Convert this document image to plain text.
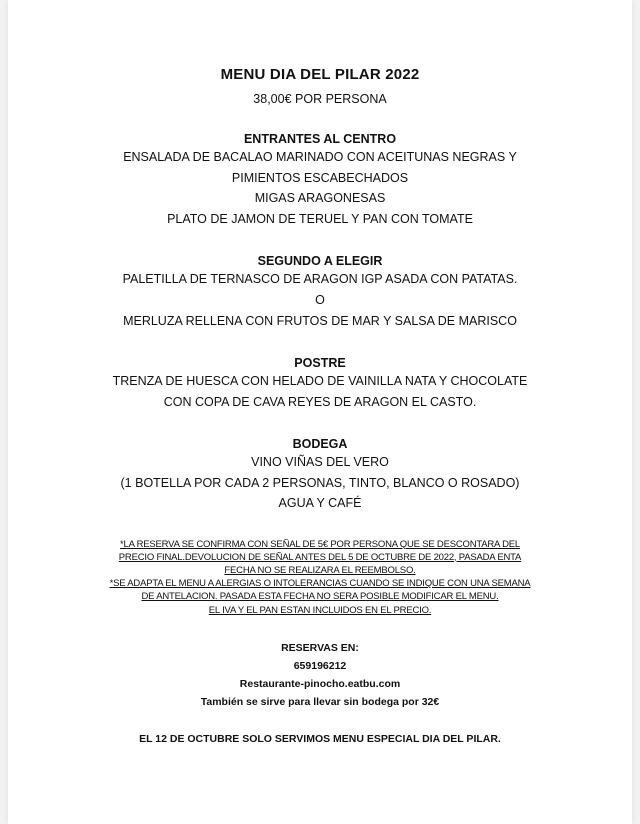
MENU DIA DEL PILAR 2022
38,00€ POR PERSONA
ENTRANTES AL CENTRO
ENSALADA DE BACALAO MARINADO CON ACEITUNAS NEGRAS Y
PIMIENTOS ESCABECHADOS
MIGAS ARAGONESAS
PLATO DE JAMON DE TERUEL Y PAN CON TOMATE
SEGUNDO A ELEGIR
PALETILLA DE TERNASCO DE ARAGON IGP ASADA CON PATATAS.
O
MERLUZA RELLENA CON FRUTOS DE MAR Y SALSA DE MARISCO
POSTRE
TRENZA DE HUESCA CON HELADO DE VAINILLA NATA Y CHOCOLATE
CON COPA DE CAVA REYES DE ARAGON EL CASTO.
BODEGA
VINO VIÑAS DEL VERO
(1 BOTELLA POR CADA 2 PERSONAS, TINTO, BLANCO O ROSADO)
AGUA Y CAFÉ
*LA RESERVA SE CONFIRMA CON SEÑAL DE 5€ POR PERSONA QUE SE DESCONTARA DEL
PRECIO FINAL.DEVOLUCION DE SEÑAL ANTES DEL 5 DE OCTUBRE DE 2022, PASADA ENTA
FECHA NO SE REALIZARA EL REEMBOLSO.
*SE ADAPTA EL MENU A ALERGIAS O INTOLERANCIAS CUANDO SE INDIQUE CON UNA SEMANA
DE ANTELACION. PASADA ESTA FECHA NO SERA POSIBLE MODIFICAR EL MENU.
EL IVA Y EL PAN ESTAN INCLUIDOS EN EL PRECIO.
RESERVAS EN:
659196212
Restaurante-pinocho.eatbu.com
También se sirve para llevar sin bodega por 32€
EL 12 DE OCTUBRE SOLO SERVIMOS MENU ESPECIAL DIA DEL PILAR.
